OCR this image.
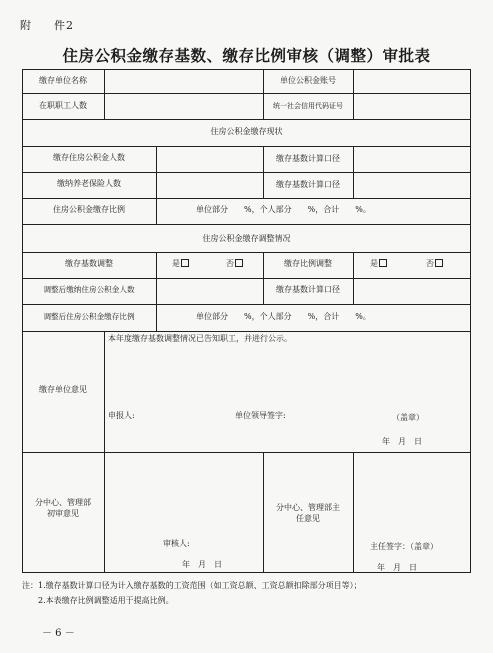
附 件2
住房公积金缴存基数、缴存比例审核（调整）审批表
缴存单位名称	单位公积金账号
在职职工人数	统一社会信用代码证号
住房公积金缴存现状
缴存住房公积金人数	缴存基数计算口径
缴纳养老保险人数	缴存基数计算口径
住房公积金缴存比例	单位部分　　%，个人部分　　%，合计　　%。
住房公积金缴存调整情况
缴存基数调整	是	否	缴存比例调整	是	否
调整后缴纳住房公积金人数	缴存基数计算口径
调整后住房公积金缴存比例	单位部分　　%，个人部分　　%，合计　　%。
缴存单位意见
本年度缴存基数调整情况已告知职工，并进行公示。
申报人:	单位领导签字:	（盖章）
年　月　日
分中心、管理部
初审意见
审核人:
年　月　日
分中心、管理部主
任意见
主任签字：（盖章）
年　月　日
注：1.缴存基数计算口径为计入缴存基数的工资范围（如工资总额、工资总额扣除部分项目等）；
　　2.本表缴存比例调整适用于提高比例。
－ 6 －
